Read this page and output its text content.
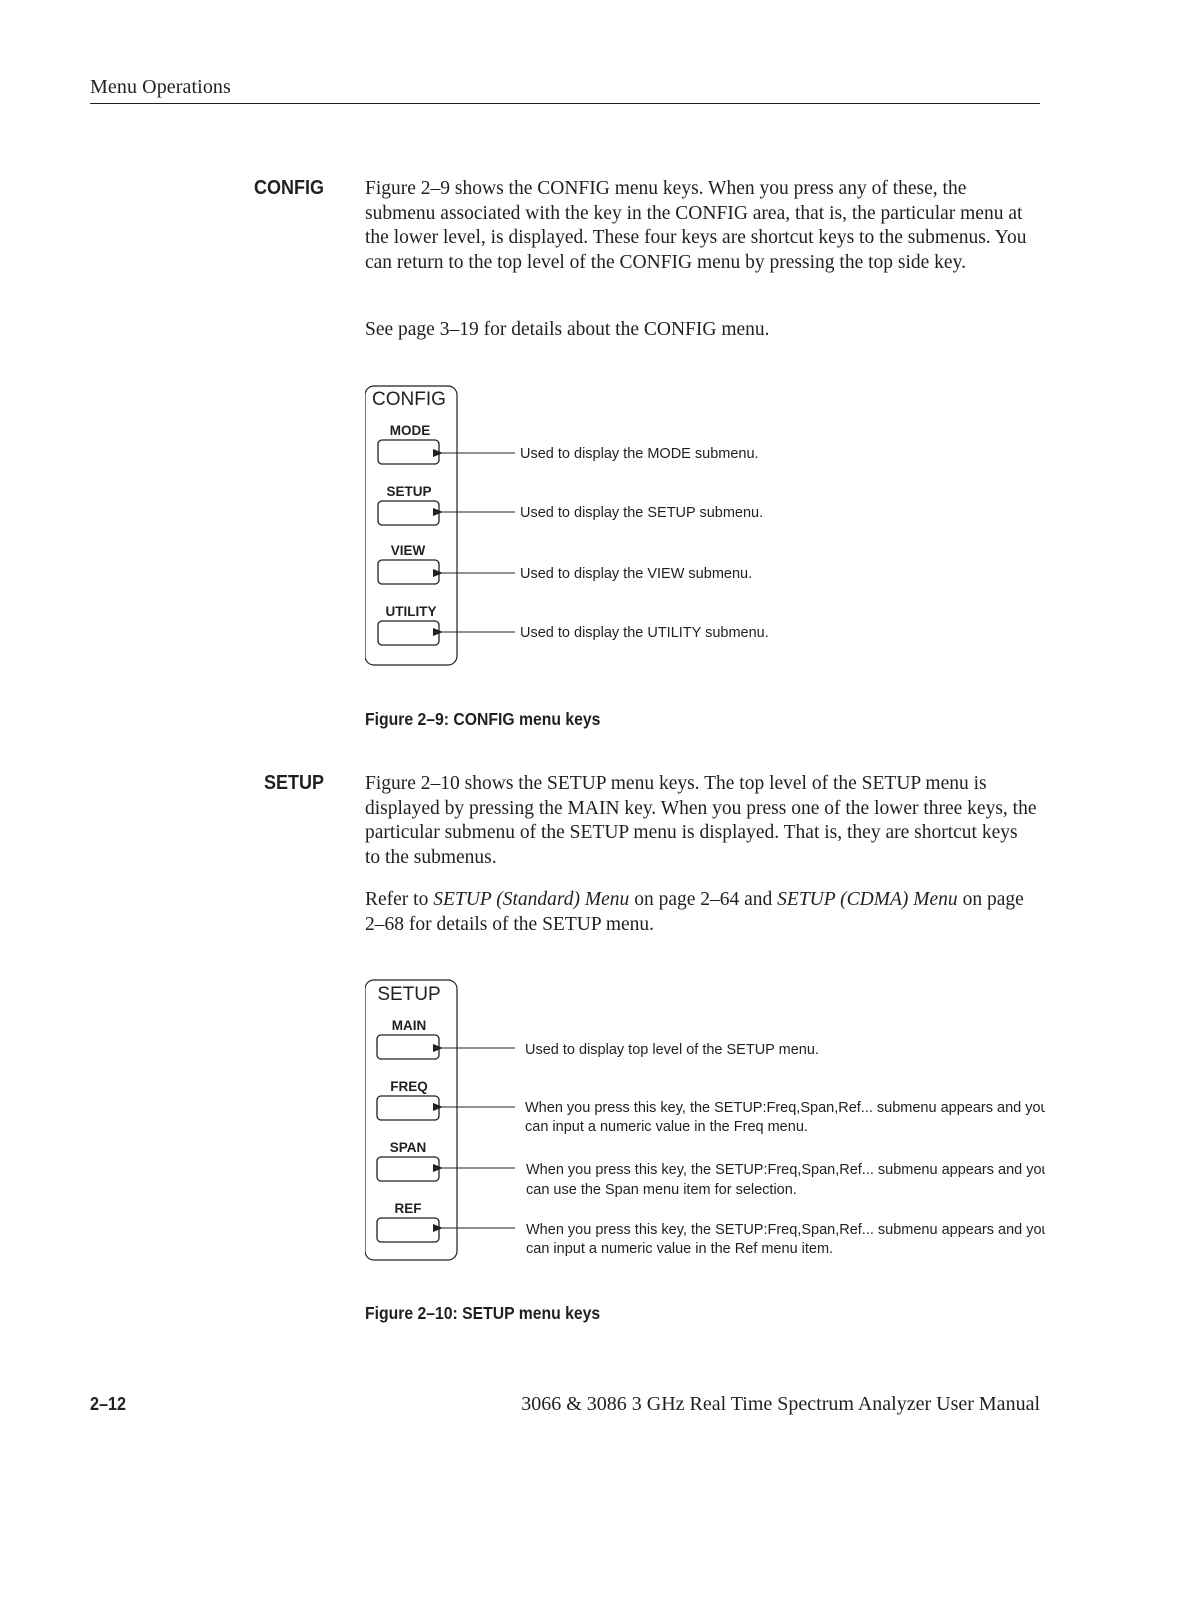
Menu Operations
CONFIG Figure 2–9 shows the CONFIG menu keys. When you press any of these, the submenu associated with the key in the CONFIG area, that is, the particular menu at the lower level, is displayed. These four keys are shortcut keys to the submenus. You can return to the top level of the CONFIG menu by pressing the top side key.
See page 3–19 for details about the CONFIG menu.
CONFIG
MODE
Used to display the MODE submenu.
SETUP
Used to display the SETUP submenu.
VIEW
Used to display the VIEW submenu.
UTILITY
Used to display the UTILITY submenu.
Figure 2–9: CONFIG menu keys
SETUP Figure 2–10 shows the SETUP menu keys. The top level of the SETUP menu is displayed by pressing the MAIN key. When you press one of the lower three keys, the particular submenu of the SETUP menu is displayed. That is, they are shortcut keys to the submenus.
Refer to SETUP (Standard) Menu on page 2–64 and SETUP (CDMA) Menu on page 2–68 for details of the SETUP menu.
SETUP
MAIN
Used to display top level of the SETUP menu.
FREQ
When you press this key, the SETUP:Freq,Span,Ref... submenu appears and you
can input a numeric value in the Freq menu.
SPAN
When you press this key, the SETUP:Freq,Span,Ref... submenu appears and you
can use the Span menu item for selection.
REF
When you press this key, the SETUP:Freq,Span,Ref... submenu appears and you
can input a numeric value in the Ref menu item.
Figure 2–10: SETUP menu keys
2–12	3066 & 3086 3 GHz Real Time Spectrum Analyzer User Manual
